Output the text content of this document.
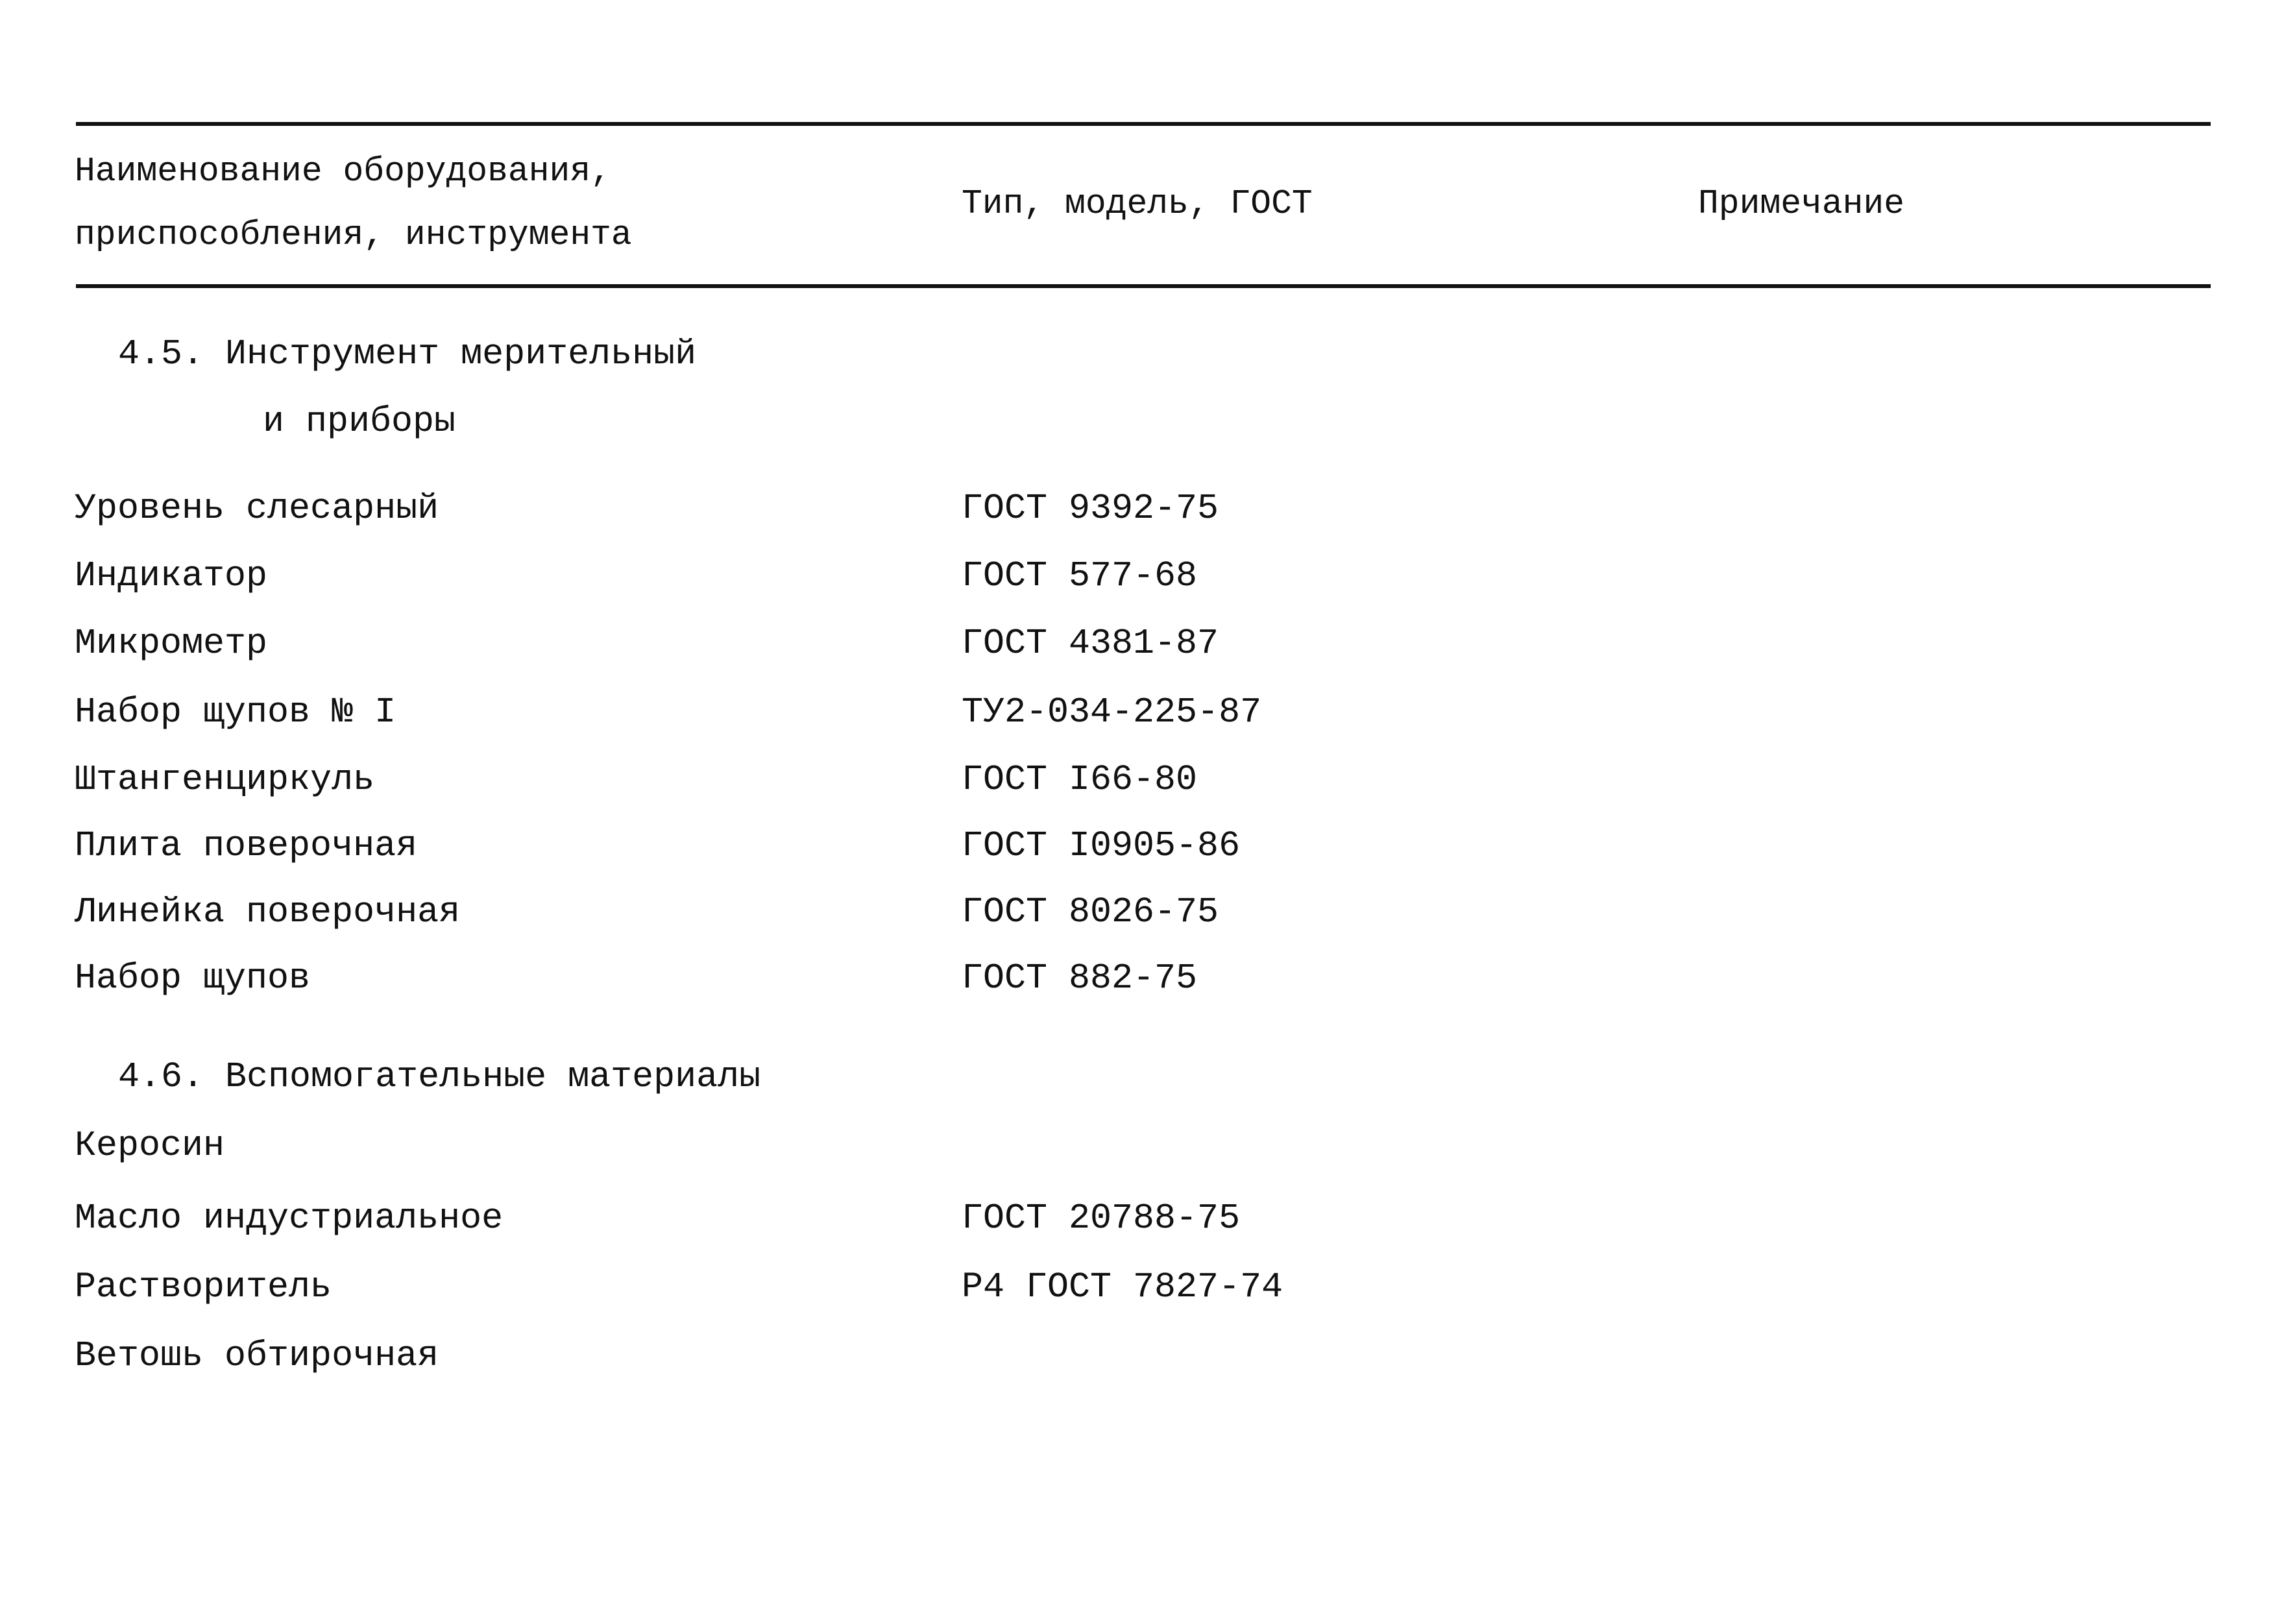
Наименование оборудования,
приспособления, инструмента
Тип, модель, ГОСТ	Примечание
4.5. Инструмент мерительный
и приборы
Уровень слесарный	ГОСТ 9392-75
Индикатор	ГОСТ 577-68
Микрометр	ГОСТ 4381-87
Набор щупов № I	ТУ2-034-225-87
Штангенциркуль	ГОСТ I66-80
Плита поверочная	ГОСТ I0905-86
Линейка поверочная	ГОСТ 8026-75
Набор щупов	ГОСТ 882-75
4.6. Вспомогательные материалы
Керосин
Масло индустриальное	ГОСТ 20788-75
Растворитель	Р4 ГОСТ 7827-74
Ветошь обтирочная
